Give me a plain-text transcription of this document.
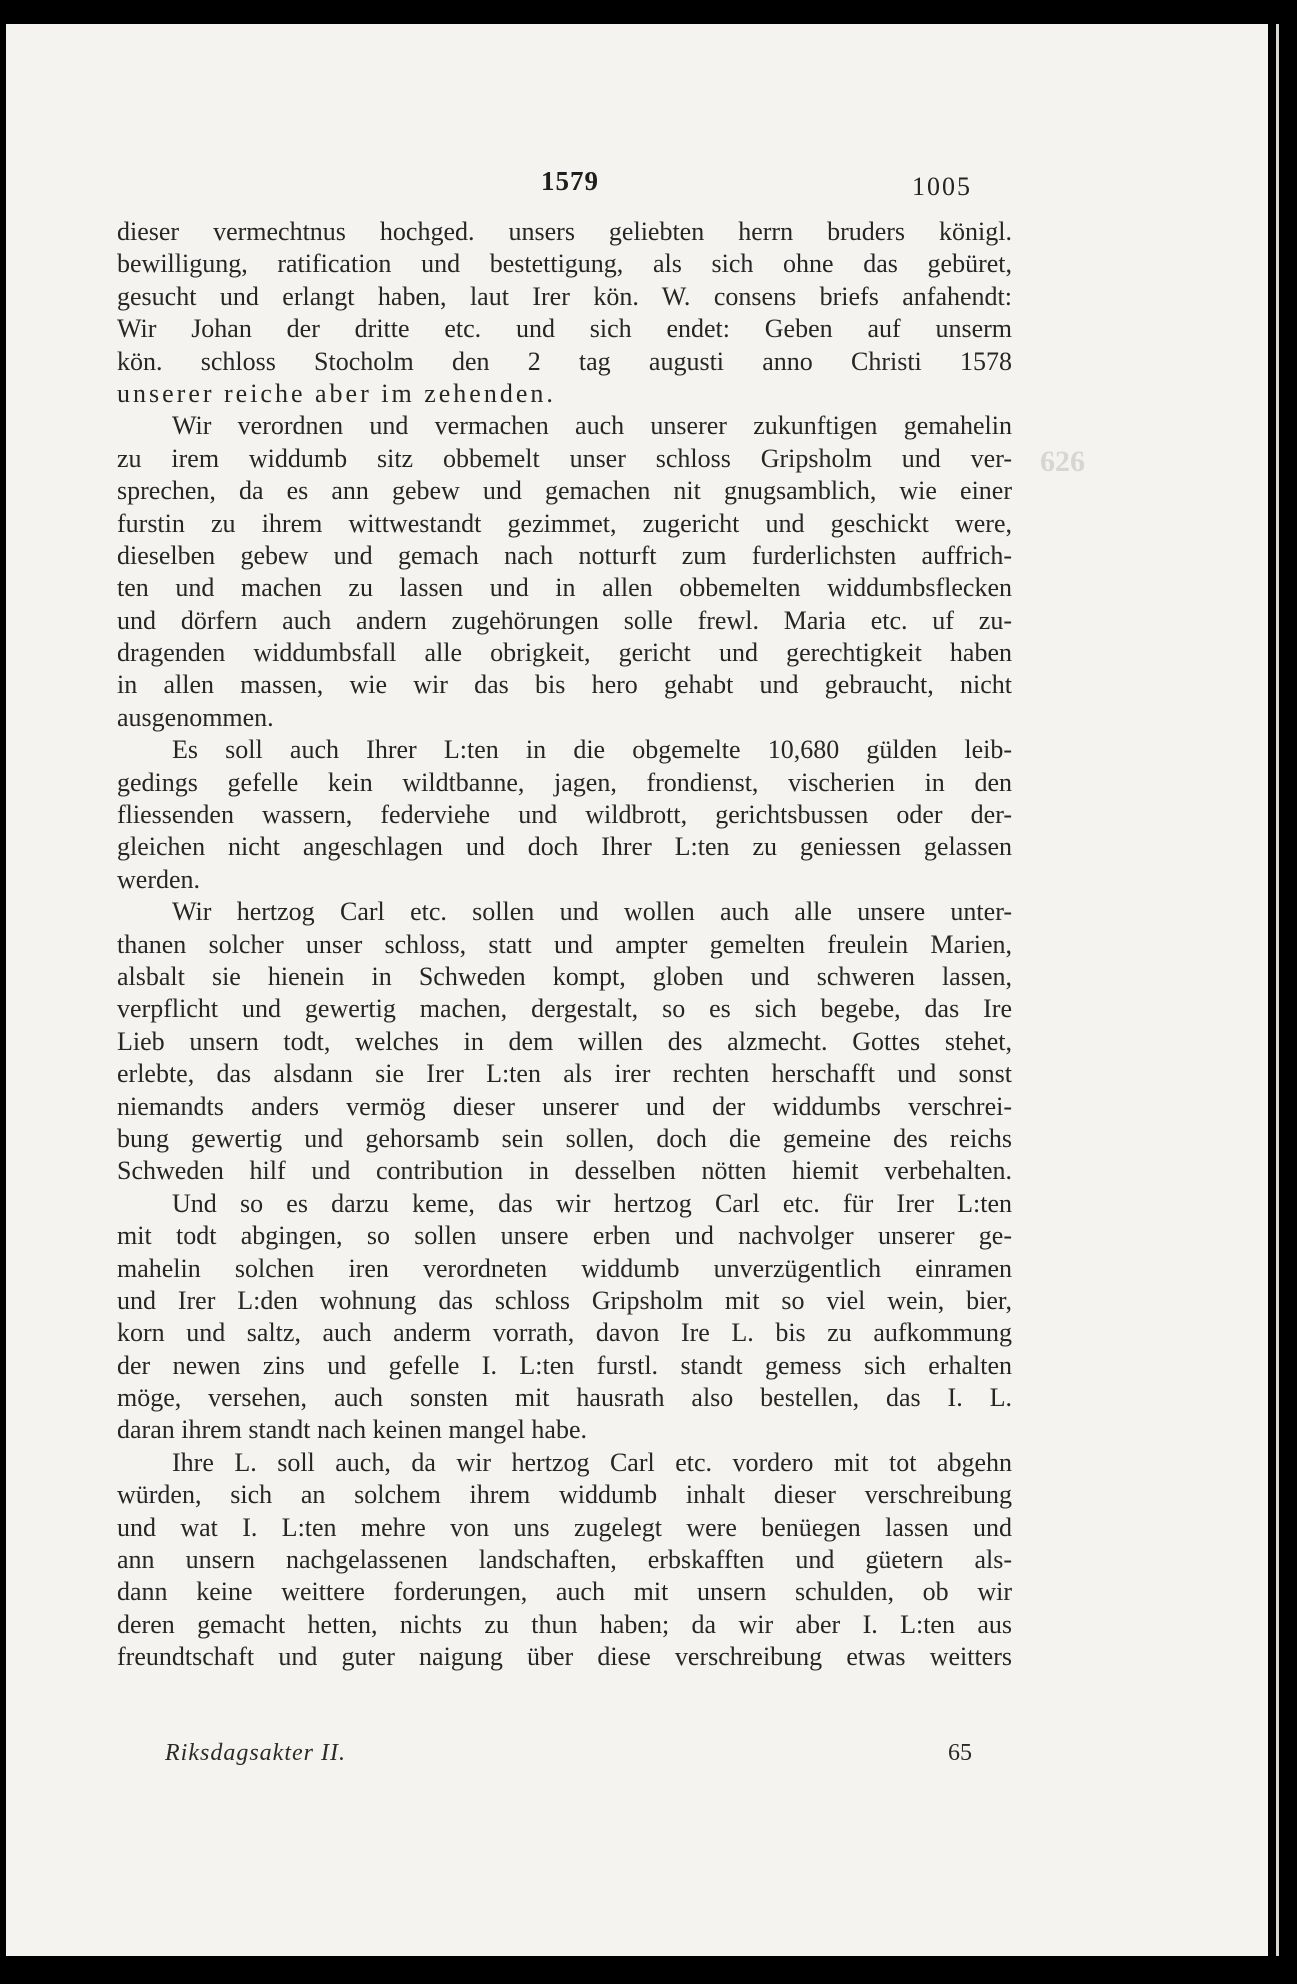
626
1579	1005
dieser vermechtnus hochged. unsers geliebten herrn bruders königl.
bewilligung, ratification und bestettigung, als sich ohne das gebüret,
gesucht und erlangt haben, laut Irer kön. W. consens briefs anfahendt:
Wir Johan der dritte etc. und sich endet: Geben auf unserm
kön. schloss Stocholm den 2 tag augusti anno Christi 1578
unserer reiche aber im zehenden.
Wir verordnen und vermachen auch unserer zukunftigen gemahelin
zu irem widdumb sitz obbemelt unser schloss Gripsholm und ver-
sprechen, da es ann gebew und gemachen nit gnugsamblich, wie einer
furstin zu ihrem wittwestandt gezimmet, zugericht und geschickt were,
dieselben gebew und gemach nach notturft zum furderlichsten auffrich-
ten und machen zu lassen und in allen obbemelten widdumbsflecken
und dörfern auch andern zugehörungen solle frewl. Maria etc. uf zu-
dragenden widdumbsfall alle obrigkeit, gericht und gerechtigkeit haben
in allen massen, wie wir das bis hero gehabt und gebraucht, nicht
ausgenommen.
Es soll auch Ihrer L:ten in die obgemelte 10,680 gülden leib-
gedings gefelle kein wildtbanne, jagen, frondienst, vischerien in den
fliessenden wassern, federviehe und wildbrott, gerichtsbussen oder der-
gleichen nicht angeschlagen und doch Ihrer L:ten zu geniessen gelassen
werden.
Wir hertzog Carl etc. sollen und wollen auch alle unsere unter-
thanen solcher unser schloss, statt und ampter gemelten freulein Marien,
alsbalt sie hienein in Schweden kompt, globen und schweren lassen,
verpflicht und gewertig machen, dergestalt, so es sich begebe, das Ire
Lieb unsern todt, welches in dem willen des alzmecht. Gottes stehet,
erlebte, das alsdann sie Irer L:ten als irer rechten herschafft und sonst
niemandts anders vermög dieser unserer und der widdumbs verschrei-
bung gewertig und gehorsamb sein sollen, doch die gemeine des reichs
Schweden hilf und contribution in desselben nötten hiemit verbehalten.
Und so es darzu keme, das wir hertzog Carl etc. für Irer L:ten
mit todt abgingen, so sollen unsere erben und nachvolger unserer ge-
mahelin solchen iren verordneten widdumb unverzügentlich einramen
und Irer L:den wohnung das schloss Gripsholm mit so viel wein, bier,
korn und saltz, auch anderm vorrath, davon Ire L. bis zu aufkommung
der newen zins und gefelle I. L:ten furstl. standt gemess sich erhalten
möge, versehen, auch sonsten mit hausrath also bestellen, das I. L.
daran ihrem standt nach keinen mangel habe.
Ihre L. soll auch, da wir hertzog Carl etc. vordero mit tot abgehn
würden, sich an solchem ihrem widdumb inhalt dieser verschreibung
und wat I. L:ten mehre von uns zugelegt were benüegen lassen und
ann unsern nachgelassenen landschaften, erbskafften und güetern als-
dann keine weittere forderungen, auch mit unsern schulden, ob wir
deren gemacht hetten, nichts zu thun haben; da wir aber I. L:ten aus
freundtschaft und guter naigung über diese verschreibung etwas weitters
Riksdagsakter II.	65
